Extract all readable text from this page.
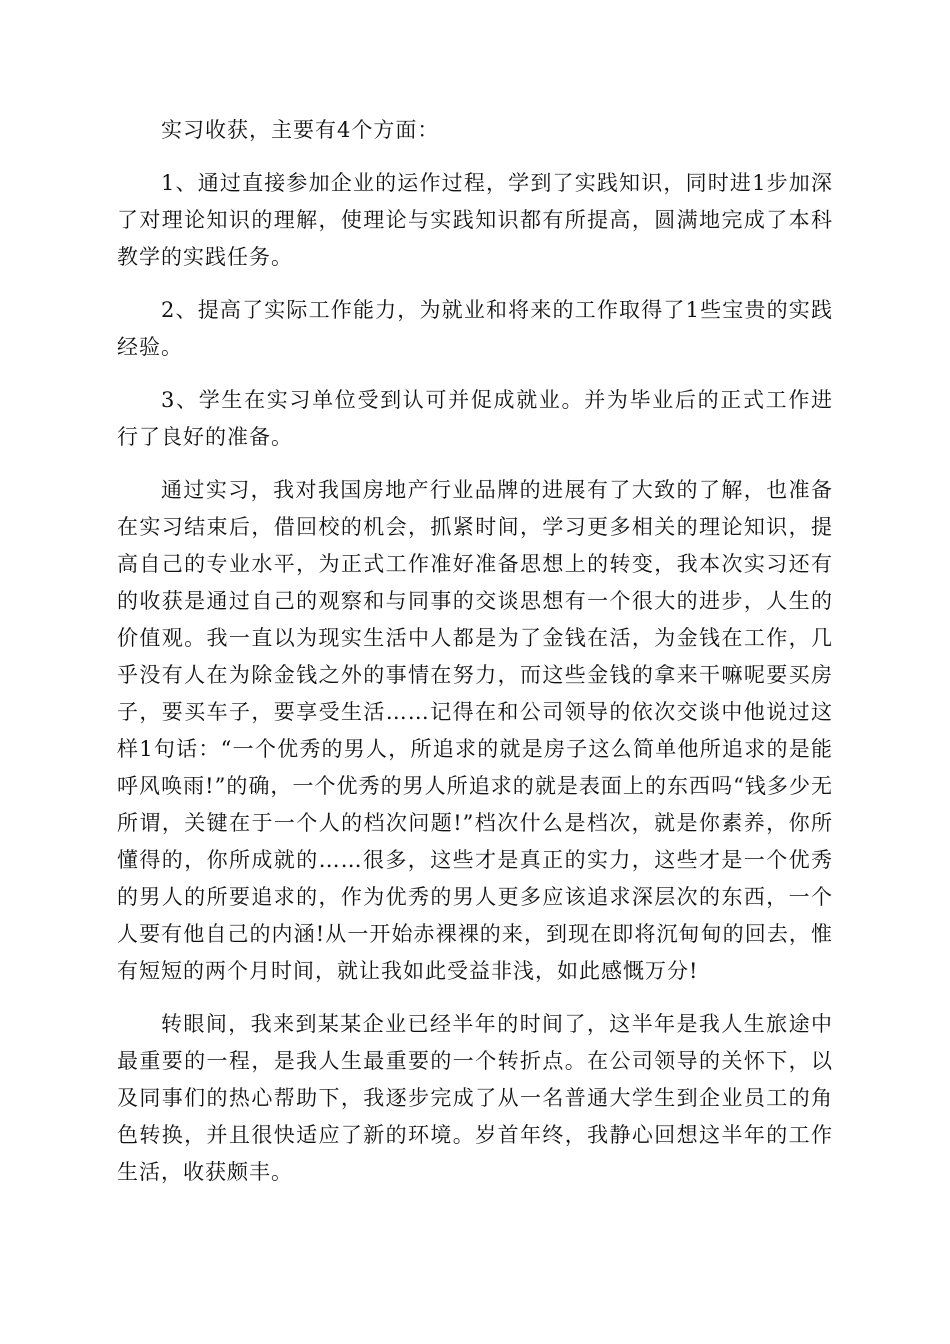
实习收获，主要有4个方面：

1、通过直接参加企业的运作过程，学到了实践知识，同时进1步加深了对理论知识的理解，使理论与实践知识都有所提高，圆满地完成了本科教学的实践任务。

2、提高了实际工作能力，为就业和将来的工作取得了1些宝贵的实践经验。

3、学生在实习单位受到认可并促成就业。并为毕业后的正式工作进行了良好的准备。

通过实习，我对我国房地产行业品牌的进展有了大致的了解，也准备在实习结束后，借回校的机会，抓紧时间，学习更多相关的理论知识，提高自己的专业水平，为正式工作准好准备思想上的转变，我本次实习还有的收获是通过自己的观察和与同事的交谈思想有一个很大的进步，人生的价值观。我一直以为现实生活中人都是为了金钱在活，为金钱在工作，几乎没有人在为除金钱之外的事情在努力，而这些金钱的拿来干嘛呢要买房子，要买车子，要享受生活……记得在和公司领导的依次交谈中他说过这样1句话：“一个优秀的男人，所追求的就是房子这么简单他所追求的是能呼风唤雨!”的确，一个优秀的男人所追求的就是表面上的东西吗“钱多少无所谓，关键在于一个人的档次问题!”档次什么是档次，就是你素养，你所懂得的，你所成就的……很多，这些才是真正的实力，这些才是一个优秀的男人的所要追求的，作为优秀的男人更多应该追求深层次的东西，一个人要有他自己的内涵!从一开始赤裸裸的来，到现在即将沉甸甸的回去，惟有短短的两个月时间，就让我如此受益非浅，如此感慨万分!

转眼间，我来到某某企业已经半年的时间了，这半年是我人生旅途中最重要的一程，是我人生最重要的一个转折点。在公司领导的关怀下，以及同事们的热心帮助下，我逐步完成了从一名普通大学生到企业员工的角色转换，并且很快适应了新的环境。岁首年终，我静心回想这半年的工作生活，收获颇丰。
